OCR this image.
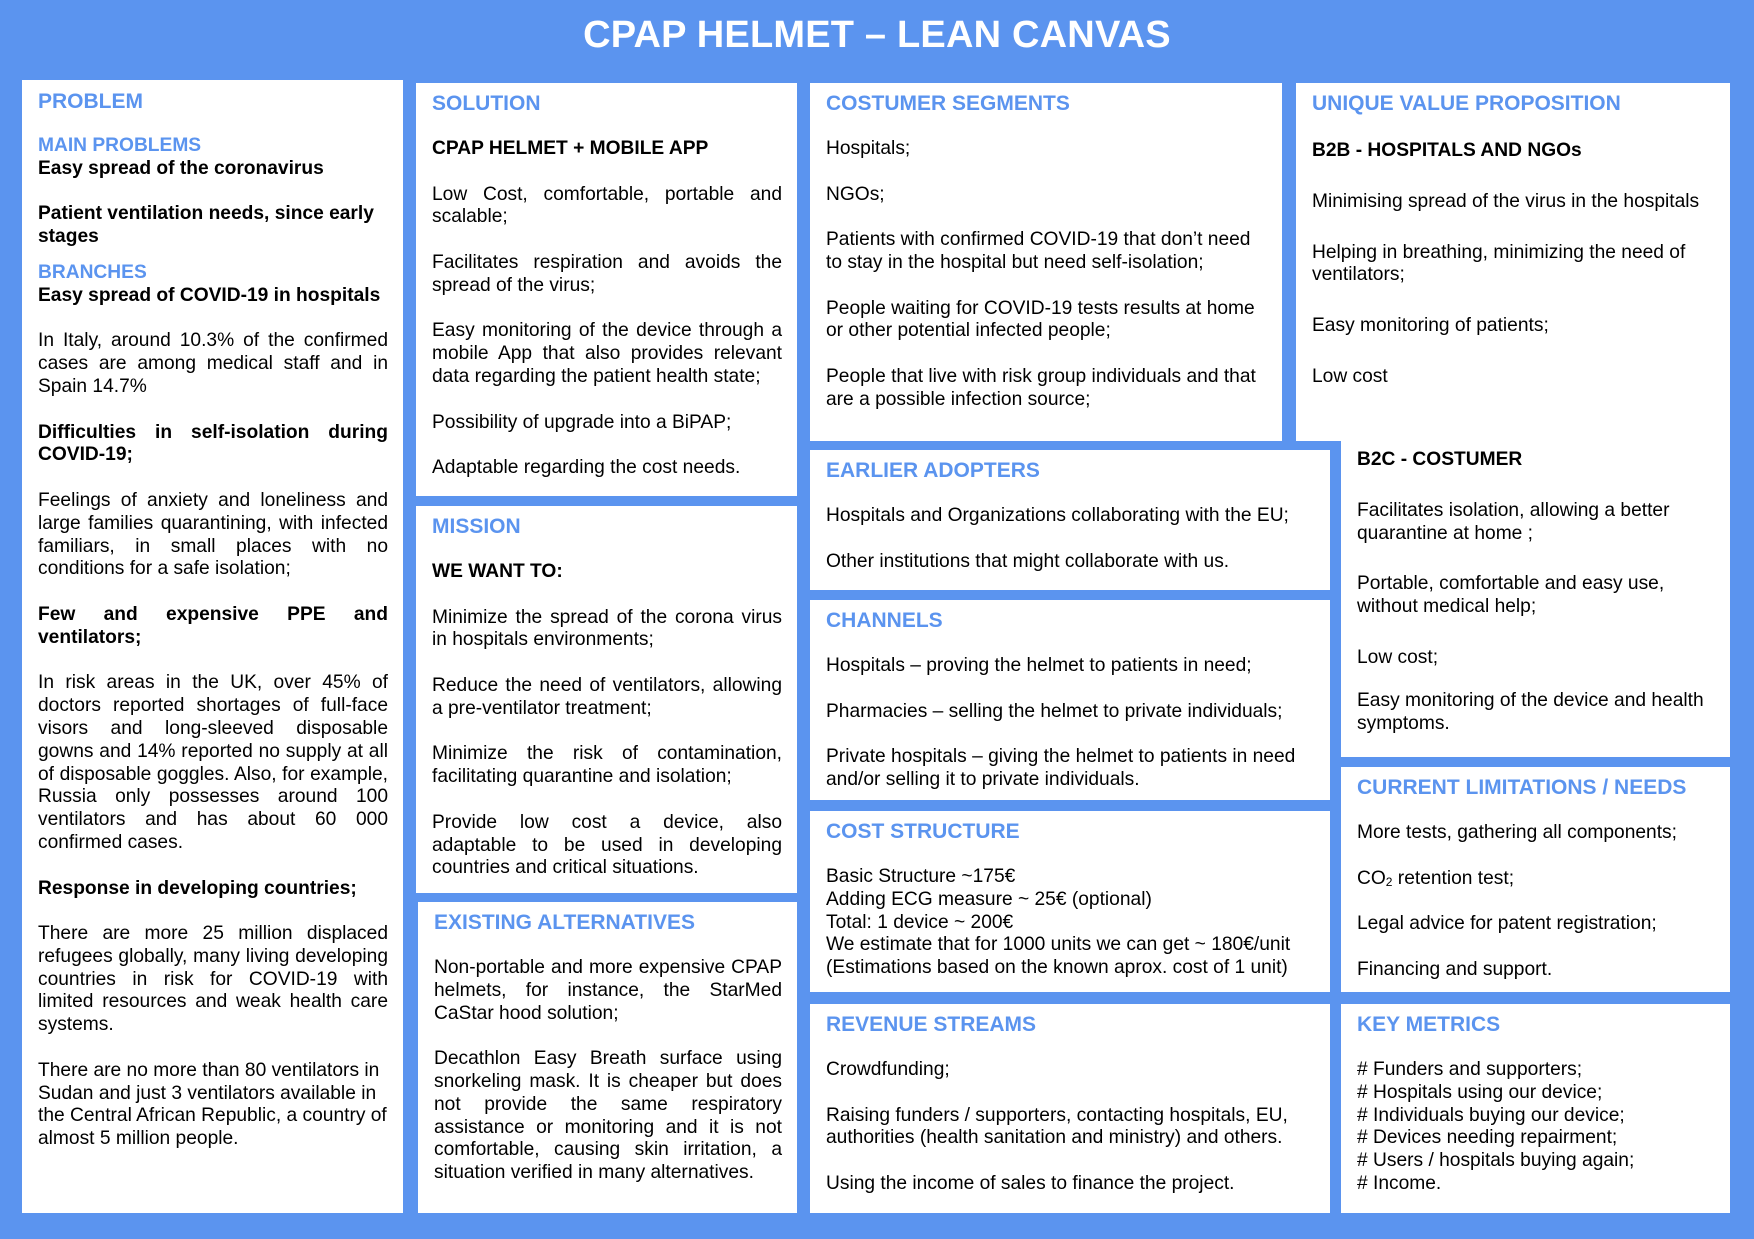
CPAP HELMET – LEAN CANVAS
PROBLEM
MAIN PROBLEMS

Easy spread of the coronavirus

Patient ventilation needs, since early stages

BRANCHES

Easy spread of COVID-19 in hospitals

In Italy, around 10.3% of the confirmed cases are among medical staff and in Spain 14.7%

Difficulties in self-isolation during COVID-19;

Feelings of anxiety and loneliness and large families quarantining, with infected familiars, in small places with no conditions for a safe isolation;

Few and expensive PPE and ventilators;

In risk areas in the UK, over 45% of doctors reported shortages of full-face visors and long-sleeved disposable gowns and 14% reported no supply at all of disposable goggles. Also, for example, Russia only possesses around 100 ventilators and has about 60 000 confirmed cases.

Response in developing countries;

There are more 25 million displaced refugees globally, many living developing countries in risk for COVID-19 with limited resources and weak health care systems.

There are no more than 80 ventilators in Sudan and just 3 ventilators available in the Central African Republic, a country of almost 5 million people.

SOLUTION

CPAP HELMET + MOBILE APP

Low Cost, comfortable, portable and scalable;

Facilitates respiration and avoids the spread of the virus;

Easy monitoring of the device through a mobile App that also provides relevant data regarding the patient health state;

Possibility of upgrade into a BiPAP;

Adaptable regarding the cost needs.

MISSION

WE WANT TO:

Minimize the spread of the corona virus in hospitals environments;

Reduce the need of ventilators, allowing a pre-ventilator treatment;

Minimize the risk of contamination, facilitating quarantine and isolation;

Provide low cost a device, also adaptable to be used in developing countries and critical situations.

EXISTING ALTERNATIVES

Non-portable and more expensive CPAP helmets, for instance, the StarMed CaStar hood solution;

Decathlon Easy Breath surface using snorkeling mask. It is cheaper but does not provide the same respiratory assistance or monitoring and it is not comfortable, causing skin irritation, a situation verified in many alternatives.

COSTUMER SEGMENTS

Hospitals;

NGOs;

Patients with confirmed COVID-19 that don’t need to stay in the hospital but need self-isolation;

People waiting for COVID-19 tests results at home or other potential infected people;

People that live with risk group individuals and that are a possible infection source;

EARLIER ADOPTERS

Hospitals and Organizations collaborating with the EU;

Other institutions that might collaborate with us.

CHANNELS

Hospitals – proving the helmet to patients in need;

Pharmacies – selling the helmet to private individuals;

Private hospitals – giving the helmet to patients in need and/or selling it to private individuals.

COST STRUCTURE
Basic Structure ~175€
Adding ECG measure ~ 25€ (optional)
Total: 1 device ~ 200€
We estimate that for 1000 units we can get ~ 180€/unit
(Estimations based on the known aprox. cost of 1 unit)
REVENUE STREAMS

Crowdfunding;

Raising funders / supporters, contacting hospitals, EU, authorities (health sanitation and ministry) and others.

Using the income of sales to finance the project.

UNIQUE VALUE PROPOSITION

B2B - HOSPITALS AND NGOs

Minimising spread of the virus in the hospitals

Helping in breathing, minimizing the need of ventilators;

Easy monitoring of patients;

Low cost

B2C - COSTUMER

Facilitates isolation, allowing a better quarantine at home ;

Portable, comfortable and easy use, without medical help;

Low cost;

Easy monitoring of the device and health symptoms.

CURRENT LIMITATIONS / NEEDS

More tests, gathering all components;

$CO_2$ retention test;

Legal advice for patent registration;

Financing and support.

KEY METRICS
# Funders and supporters;
# Hospitals using our device;
# Individuals buying our device;
# Devices needing repairment;
# Users / hospitals buying again;
# Income.
